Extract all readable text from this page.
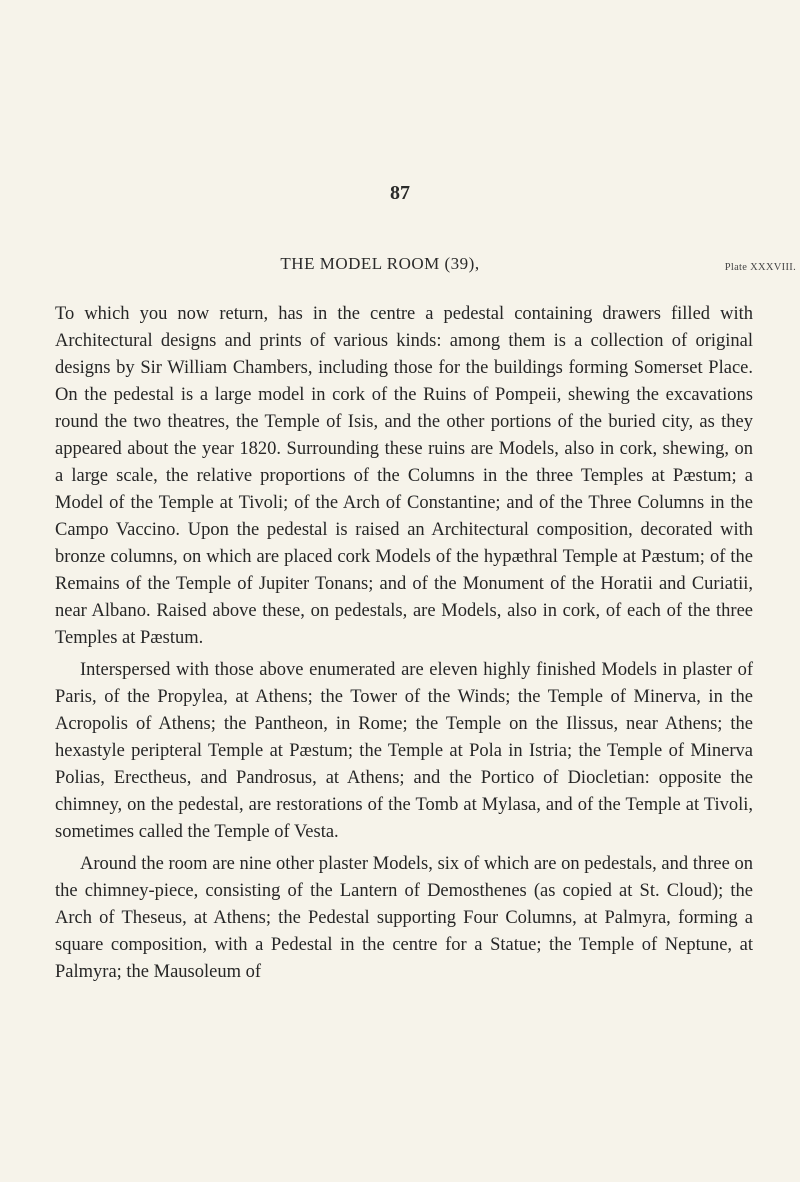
87
THE MODEL ROOM (39),	Plate XXXVIII.

To which you now return, has in the centre a pedestal containing drawers filled with Architectural designs and prints of various kinds: among them is a collection of original designs by Sir William Chambers, including those for the buildings forming Somerset Place. On the pedestal is a large model in cork of the Ruins of Pompeii, shewing the excavations round the two theatres, the Temple of Isis, and the other portions of the buried city, as they appeared about the year 1820. Surrounding these ruins are Models, also in cork, shewing, on a large scale, the relative proportions of the Columns in the three Temples at Pæstum; a Model of the Temple at Tivoli; of the Arch of Constantine; and of the Three Columns in the Campo Vaccino. Upon the pedestal is raised an Architectural composition, decorated with bronze columns, on which are placed cork Models of the hypæthral Temple at Pæstum; of the Remains of the Temple of Jupiter Tonans; and of the Monument of the Horatii and Curiatii, near Albano. Raised above these, on pedestals, are Models, also in cork, of each of the three Temples at Pæstum.

Interspersed with those above enumerated are eleven highly finished Models in plaster of Paris, of the Propylea, at Athens; the Tower of the Winds; the Temple of Minerva, in the Acropolis of Athens; the Pantheon, in Rome; the Temple on the Ilissus, near Athens; the hexastyle peripteral Temple at Pæstum; the Temple at Pola in Istria; the Temple of Minerva Polias, Erectheus, and Pandrosus, at Athens; and the Portico of Diocletian: opposite the chimney, on the pedestal, are restorations of the Tomb at Mylasa, and of the Temple at Tivoli, sometimes called the Temple of Vesta.

Around the room are nine other plaster Models, six of which are on pedestals, and three on the chimney-piece, consisting of the Lantern of Demosthenes (as copied at St. Cloud); the Arch of Theseus, at Athens; the Pedestal supporting Four Columns, at Palmyra, forming a square composition, with a Pedestal in the centre for a Statue; the Temple of Neptune, at Palmyra; the Mausoleum of
